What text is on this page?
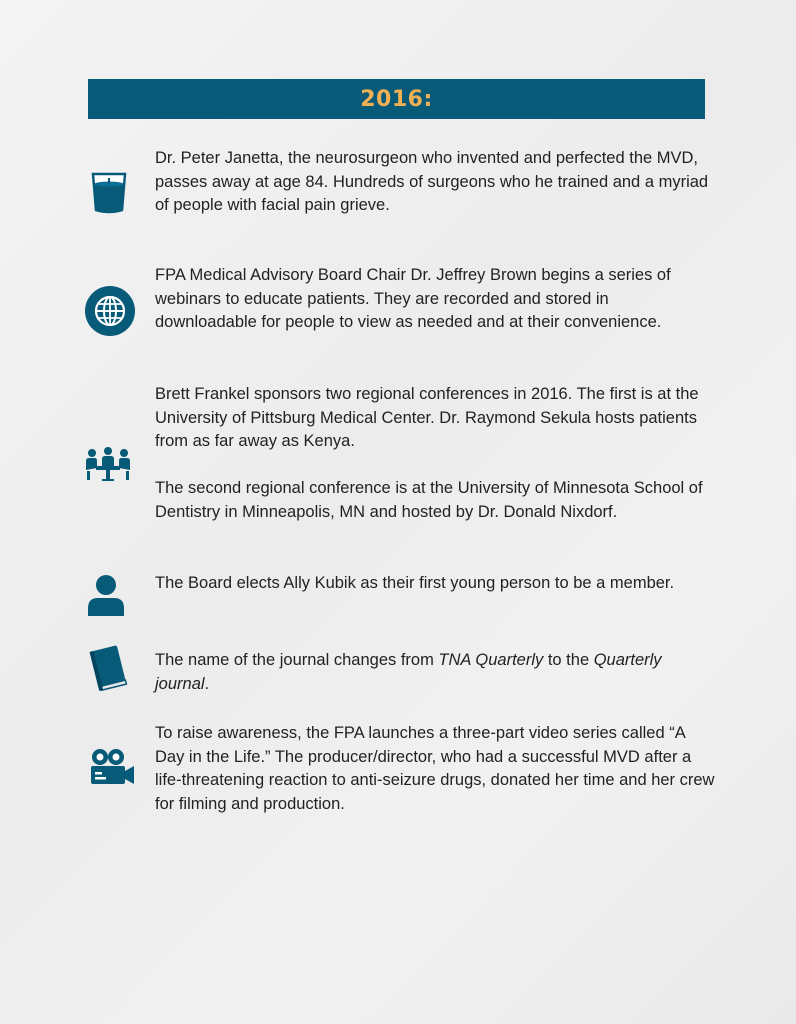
2016:

Dr. Peter Janetta, the neurosurgeon who invented and perfected the MVD, passes away at age 84. Hundreds of surgeons who he trained and a myriad of people with facial pain grieve.

FPA Medical Advisory Board Chair Dr. Jeffrey Brown begins a series of webinars to educate patients. They are recorded and stored in downloadable for people to view as needed and at their convenience.

Brett Frankel sponsors two regional conferences in 2016. The first is at the University of Pittsburg Medical Center. Dr. Raymond Sekula hosts patients from as far away as Kenya.

The second regional conference is at the University of Minnesota School of Dentistry in Minneapolis, MN and hosted by Dr. Donald Nixdorf.

The Board elects Ally Kubik as their first young person to be a member.

The name of the journal changes from TNA Quarterly to the Quarterly journal.

To raise awareness, the FPA launches a three-part video series called “A Day in the Life.” The producer/director, who had a successful MVD after a life-threatening reaction to anti-seizure drugs, donated her time and her crew for filming and production.
